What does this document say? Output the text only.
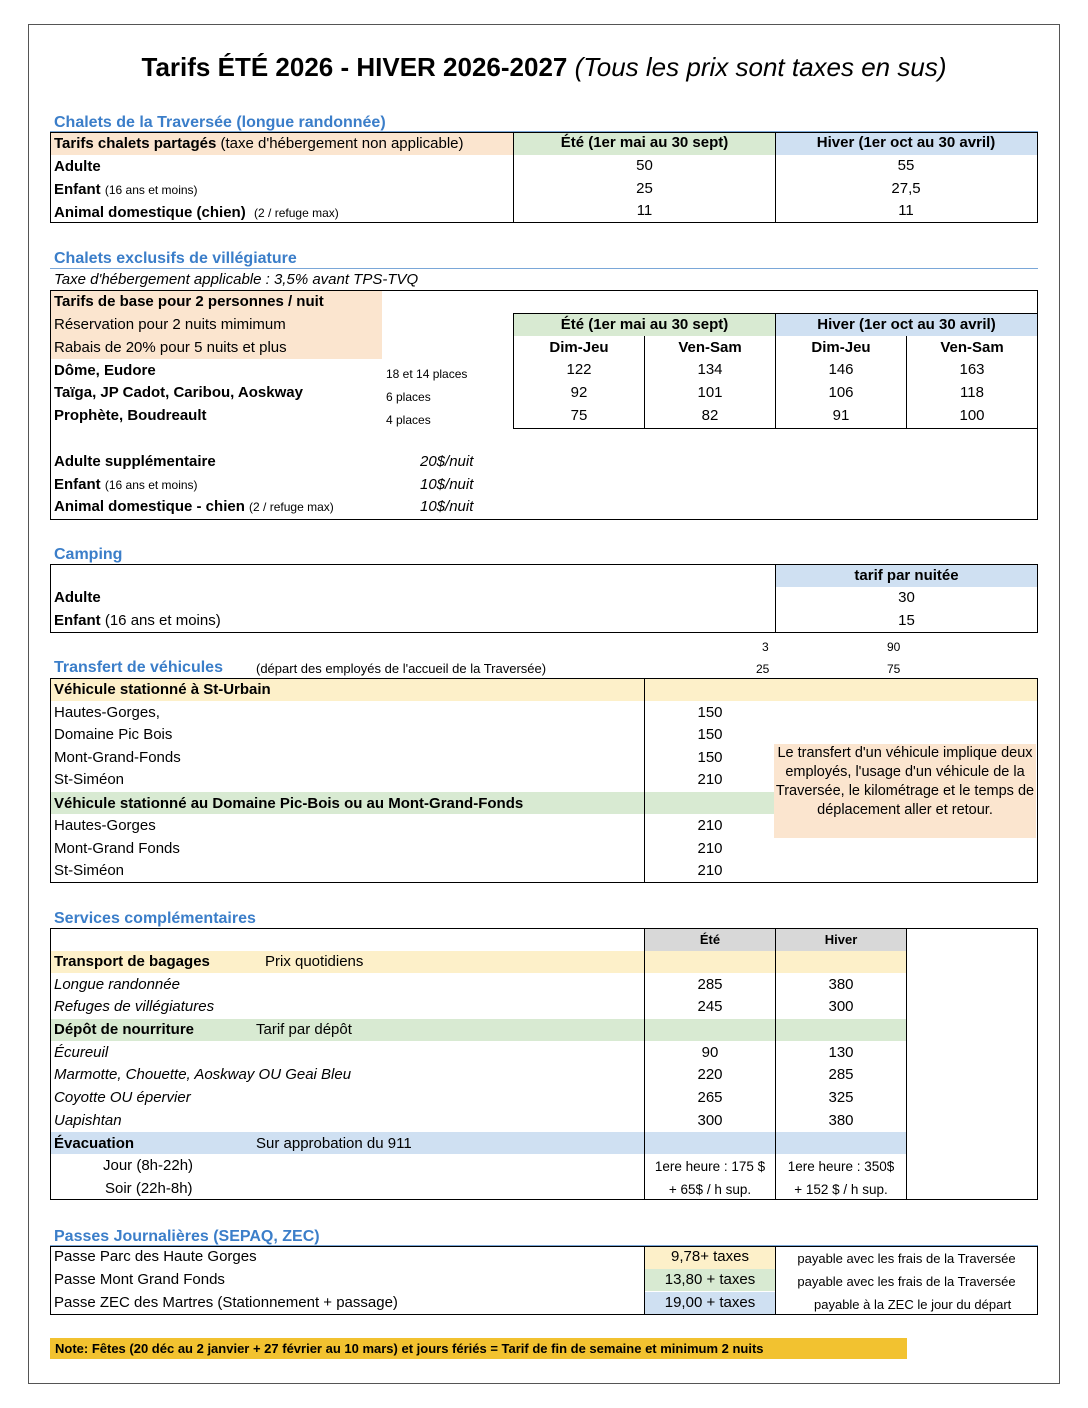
Tarifs ÉTÉ 2026 - HIVER 2026-2027 (Tous les prix sont taxes en sus)
Chalets de la Traversée (longue randonnée)
Tarifs chalets partagés (taxe d'hébergement non applicable)	Été (1er mai au 30 sept)	Hiver (1er oct au 30 avril)
Adulte	50	55
Enfant (16 ans et moins)	25	27,5
Animal domestique (chien) (2 / refuge max)	11	11
Chalets exclusifs de villégiature
Taxe d'hébergement applicable : 3,5% avant TPS-TVQ
Tarifs de base pour 2 personnes / nuit
Réservation pour 2 nuits mimimum
Rabais de 20% pour 5 nuits et plus
Été (1er mai au 30 sept)	Hiver (1er oct au 30 avril)
Dim-Jeu	Ven-Sam	Dim-Jeu	Ven-Sam
Dôme, Eudore	18 et 14 places	122	134	146	163
Taïga, JP Cadot, Caribou, Aoskway	6 places	92	101	106	118
Prophète, Boudreault	4 places	75	82	91	100
Adulte supplémentaire	20$/nuit
Enfant (16 ans et moins)	10$/nuit
Animal domestique - chien (2 / refuge max)	10$/nuit
Camping
tarif par nuitée
Adulte	30
Enfant (16 ans et moins)	15
3	90
25	75
Transfert de véhicules	(départ des employés de l'accueil de la Traversée)
Véhicule stationné à St-Urbain
Hautes-Gorges,	150
Domaine Pic Bois	150
Mont-Grand-Fonds	150
St-Siméon	210
Véhicule stationné au Domaine Pic-Bois ou au Mont-Grand-Fonds
Hautes-Gorges	210
Mont-Grand Fonds	210
St-Siméon	210
Le transfert d'un véhicule implique deux employés, l'usage d'un véhicule de la Traversée, le kilométrage et le temps de déplacement aller et retour.
Services complémentaires
Été	Hiver
Transport de bagages	Prix quotidiens
Longue randonnée	285	380
Refuges de villégiatures	245	300
Dépôt de nourriture	Tarif par dépôt
Écureuil	90	130
Marmotte, Chouette, Aoskway OU Geai Bleu	220	285
Coyotte OU épervier	265	325
Uapishtan	300	380
Évacuation	Sur approbation du 911
Jour (8h-22h)	1ere heure : 175 $	1ere heure : 350$
Soir (22h-8h)	+ 65$ / h sup.	+ 152 $ / h sup.
Passes Journalières (SEPAQ, ZEC)
Passe Parc des Haute Gorges	9,78+ taxes	payable avec les frais de la Traversée
Passe Mont Grand Fonds	13,80 + taxes	payable avec les frais de la Traversée
Passe ZEC des Martres (Stationnement + passage)	19,00 + taxes	payable à la ZEC le jour du départ
Note: Fêtes (20 déc au 2 janvier + 27 février au 10 mars) et jours fériés = Tarif de fin de semaine et minimum 2 nuits
